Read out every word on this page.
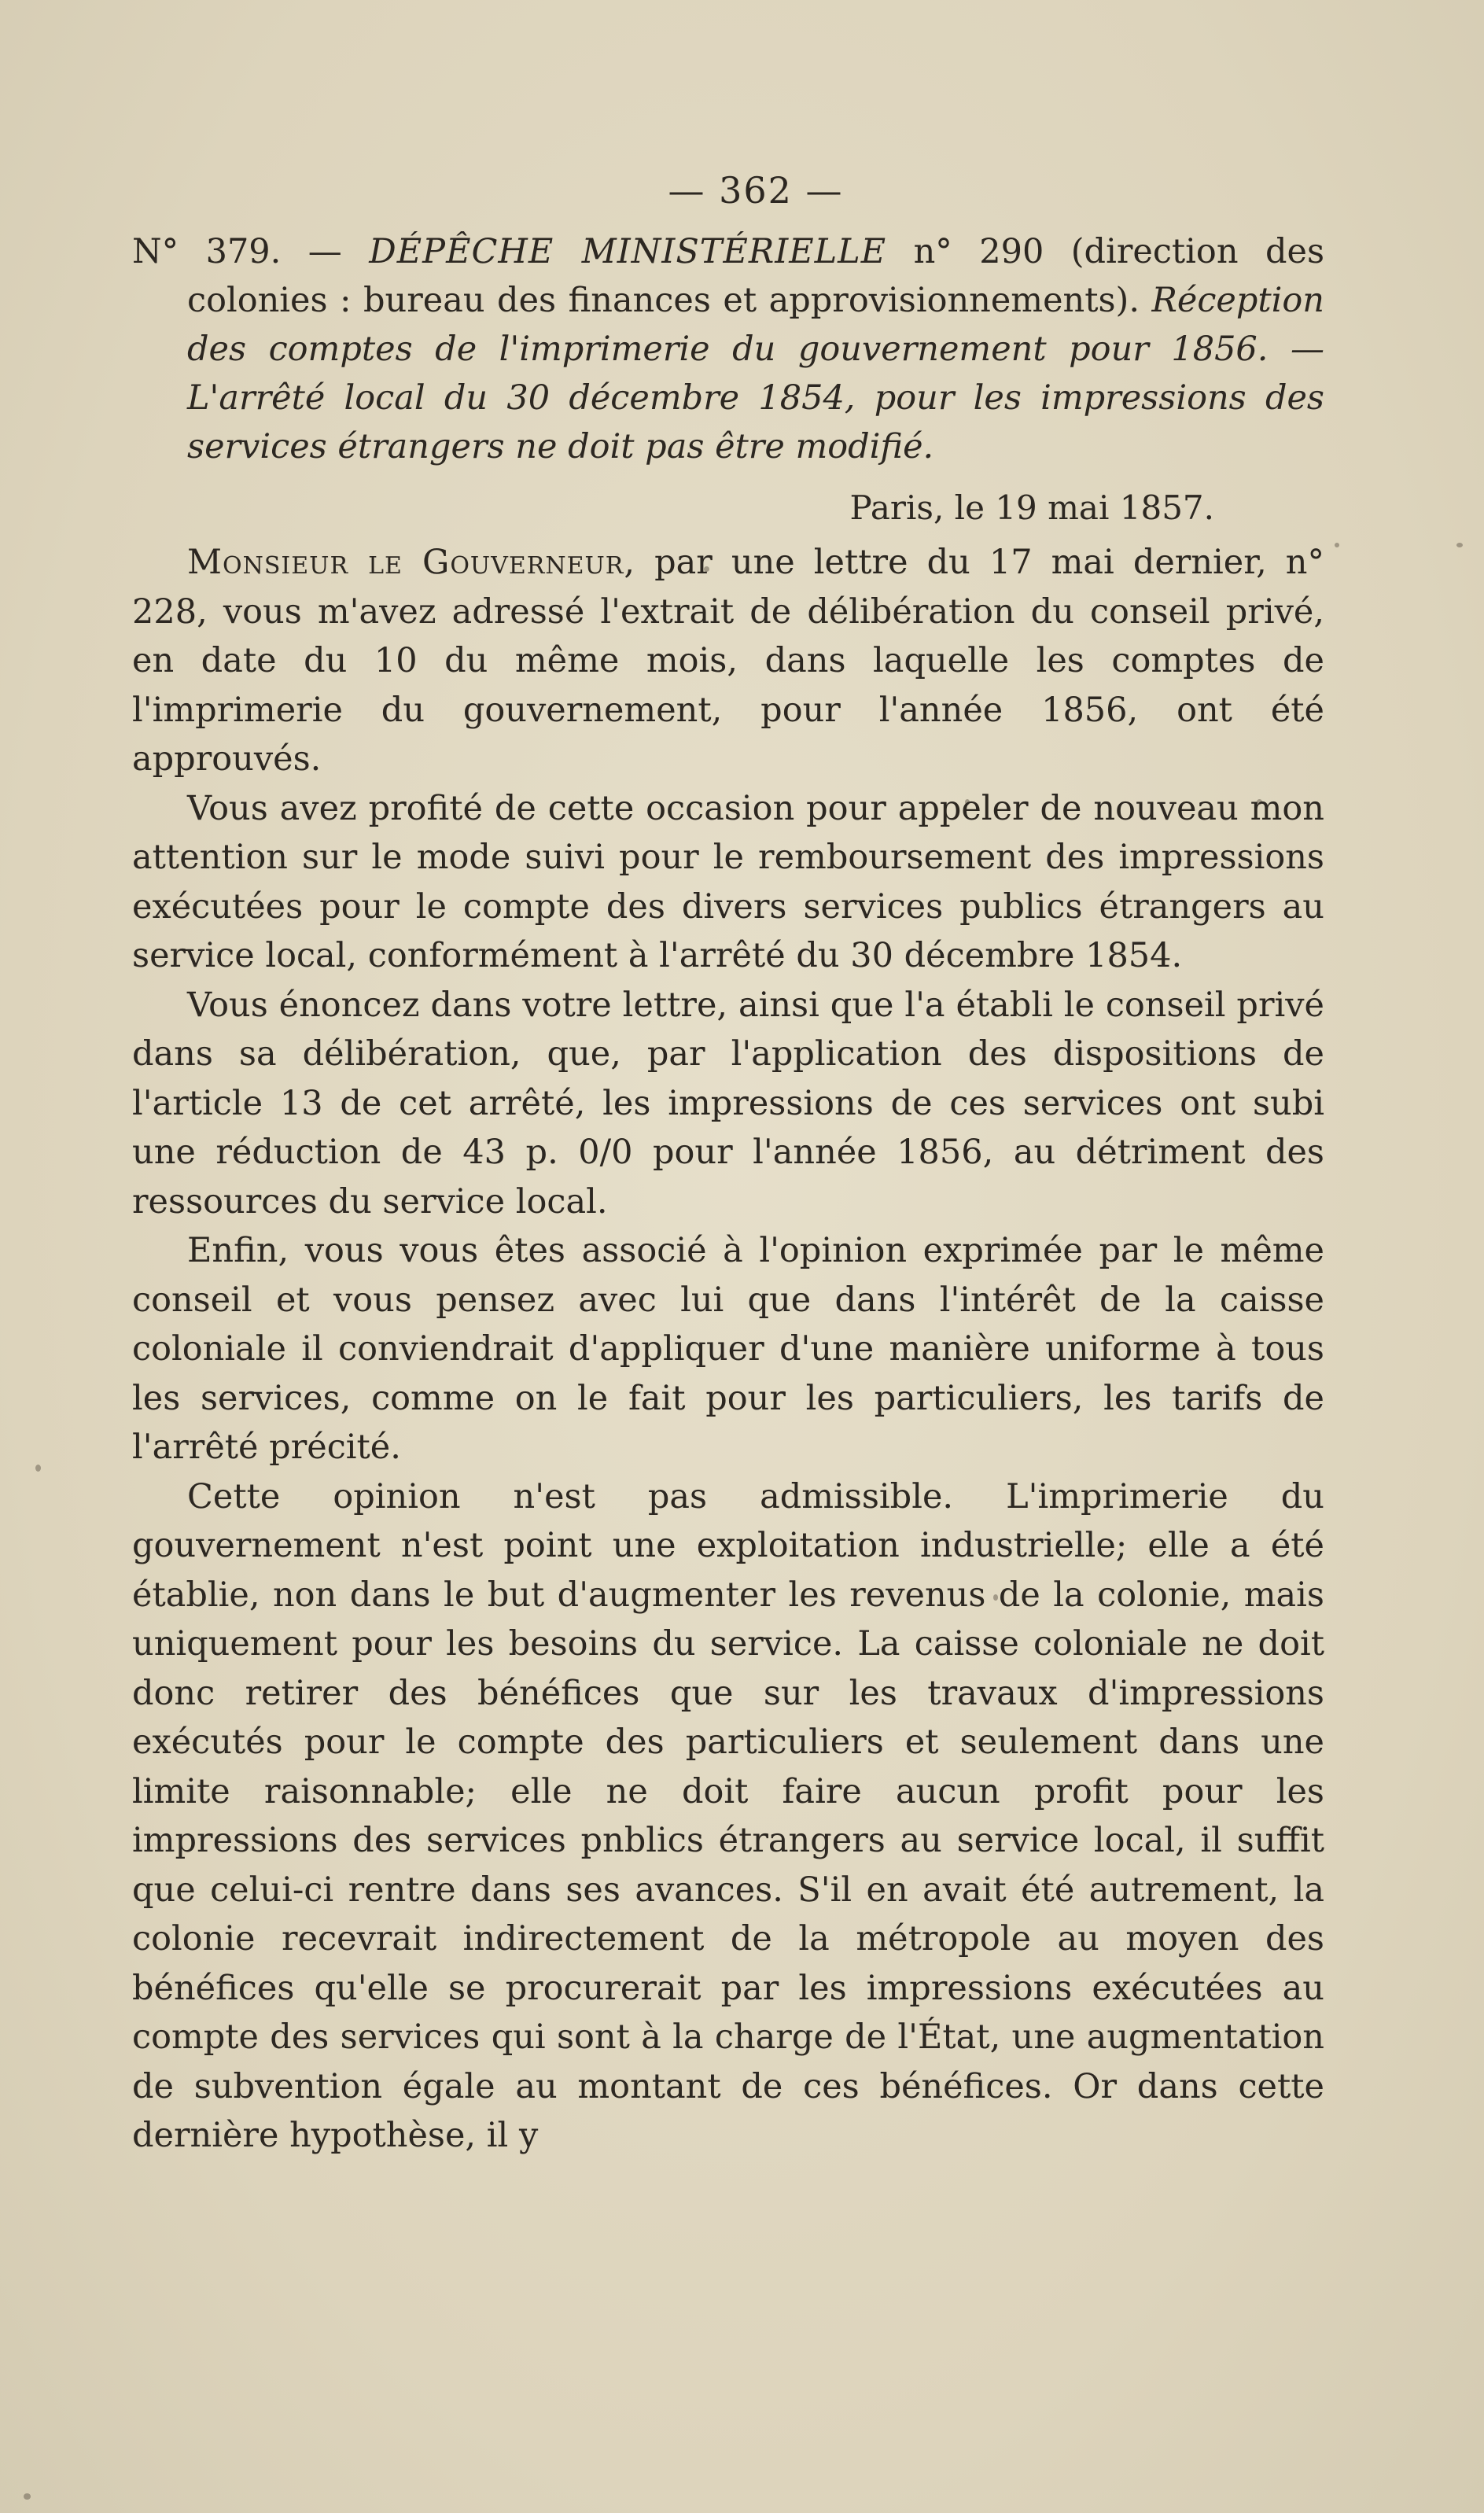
— 362 —
N° 379. — DÉPÊCHE MINISTÉRIELLE n° 290 (direction des colonies : bureau des finances et approvisionnements). Réception des comptes de l'imprimerie du gouvernement pour 1856. — L'arrêté local du 30 décembre 1854, pour les impressions des services étrangers ne doit pas être modifié.
Paris, le 19 mai 1857.

Monsieur le Gouverneur, par une lettre du 17 mai dernier, n° 228, vous m'avez adressé l'extrait de délibération du conseil privé, en date du 10 du même mois, dans laquelle les comptes de l'imprimerie du gouvernement, pour l'année 1856, ont été approuvés.

Vous avez profité de cette occasion pour appeler de nouveau mon attention sur le mode suivi pour le remboursement des impressions exécutées pour le compte des divers services publics étrangers au service local, conformément à l'arrêté du 30 décembre 1854.

Vous énoncez dans votre lettre, ainsi que l'a établi le conseil privé dans sa délibération, que, par l'application des dispositions de l'article 13 de cet arrêté, les impressions de ces services ont subi une réduction de 43 p. 0/0 pour l'année 1856, au détriment des ressources du service local.

Enfin, vous vous êtes associé à l'opinion exprimée par le même conseil et vous pensez avec lui que dans l'intérêt de la caisse coloniale il conviendrait d'appliquer d'une manière uniforme à tous les services, comme on le fait pour les particuliers, les tarifs de l'arrêté précité.

Cette opinion n'est pas admissible. L'imprimerie du gouvernement n'est point une exploitation industrielle; elle a été établie, non dans le but d'augmenter les revenus de la colonie, mais uniquement pour les besoins du service. La caisse coloniale ne doit donc retirer des bénéfices que sur les travaux d'impressions exécutés pour le compte des particuliers et seulement dans une limite raisonnable; elle ne doit faire aucun profit pour les impressions des services pnblics étrangers au service local, il suffit que celui-ci rentre dans ses avances. S'il en avait été autrement, la colonie recevrait indirectement de la métropole au moyen des bénéfices qu'elle se procurerait par les impressions exécutées au compte des services qui sont à la charge de l'État, une augmentation de subvention égale au montant de ces bénéfices. Or dans cette dernière hypothèse, il y
